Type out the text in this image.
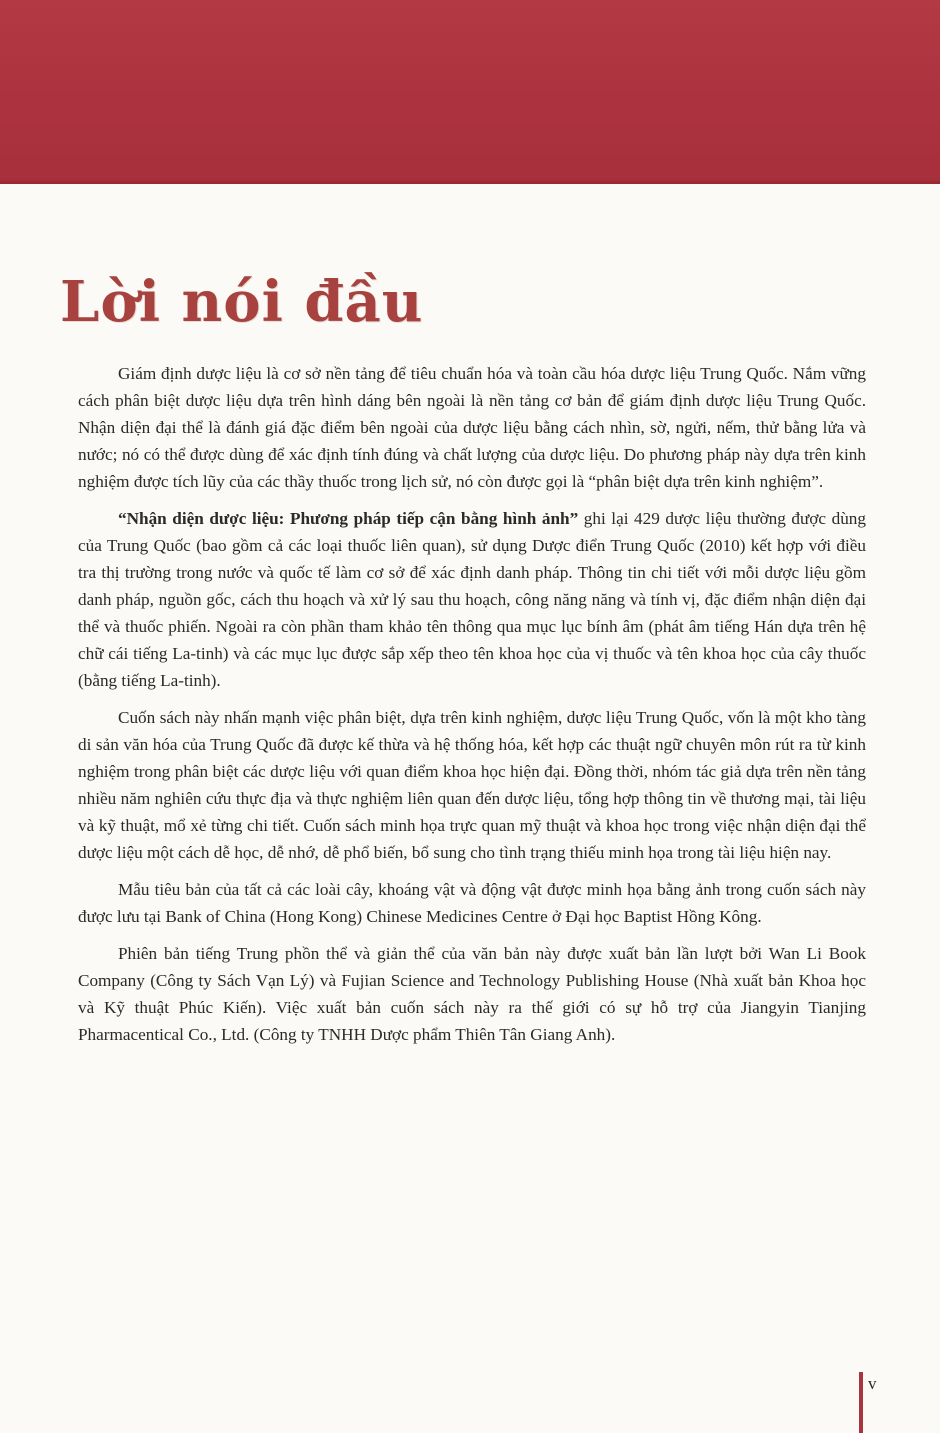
Lời nói đầu

Giám định dược liệu là cơ sở nền tảng để tiêu chuẩn hóa và toàn cầu hóa dược liệu Trung Quốc. Nắm vững cách phân biệt dược liệu dựa trên hình dáng bên ngoài là nền tảng cơ bản để giám định dược liệu Trung Quốc. Nhận diện đại thể là đánh giá đặc điểm bên ngoài của dược liệu bằng cách nhìn, sờ, ngửi, nếm, thử bằng lửa và nước; nó có thể được dùng để xác định tính đúng và chất lượng của dược liệu. Do phương pháp này dựa trên kinh nghiệm được tích lũy của các thầy thuốc trong lịch sử, nó còn được gọi là “phân biệt dựa trên kinh nghiệm”.

“Nhận diện dược liệu: Phương pháp tiếp cận bằng hình ảnh” ghi lại 429 dược liệu thường được dùng của Trung Quốc (bao gồm cả các loại thuốc liên quan), sử dụng Dược điển Trung Quốc (2010) kết hợp với điều tra thị trường trong nước và quốc tế làm cơ sở để xác định danh pháp. Thông tin chi tiết với mỗi dược liệu gồm danh pháp, nguồn gốc, cách thu hoạch và xử lý sau thu hoạch, công năng năng và tính vị, đặc điểm nhận diện đại thể và thuốc phiến. Ngoài ra còn phần tham khảo tên thông qua mục lục bính âm (phát âm tiếng Hán dựa trên hệ chữ cái tiếng La-tinh) và các mục lục được sắp xếp theo tên khoa học của vị thuốc và tên khoa học của cây thuốc (bằng tiếng La-tinh).

Cuốn sách này nhấn mạnh việc phân biệt, dựa trên kinh nghiệm, dược liệu Trung Quốc, vốn là một kho tàng di sản văn hóa của Trung Quốc đã được kế thừa và hệ thống hóa, kết hợp các thuật ngữ chuyên môn rút ra từ kinh nghiệm trong phân biệt các dược liệu với quan điểm khoa học hiện đại. Đồng thời, nhóm tác giả dựa trên nền tảng nhiều năm nghiên cứu thực địa và thực nghiệm liên quan đến dược liệu, tổng hợp thông tin về thương mại, tài liệu và kỹ thuật, mổ xẻ từng chi tiết. Cuốn sách minh họa trực quan mỹ thuật và khoa học trong việc nhận diện đại thể dược liệu một cách dễ học, dễ nhớ, dễ phổ biến, bổ sung cho tình trạng thiếu minh họa trong tài liệu hiện nay.

Mẫu tiêu bản của tất cả các loài cây, khoáng vật và động vật được minh họa bằng ảnh trong cuốn sách này được lưu tại Bank of China (Hong Kong) Chinese Medicines Centre ở Đại học Baptist Hồng Kông.

Phiên bản tiếng Trung phồn thể và giản thể của văn bản này được xuất bản lần lượt bởi Wan Li Book Company (Công ty Sách Vạn Lý) và Fujian Science and Technology Publishing House (Nhà xuất bản Khoa học và Kỹ thuật Phúc Kiến). Việc xuất bản cuốn sách này ra thế giới có sự hỗ trợ của Jiangyin Tianjing Pharmacentical Co., Ltd. (Công ty TNHH Dược phẩm Thiên Tân Giang Anh).

v
